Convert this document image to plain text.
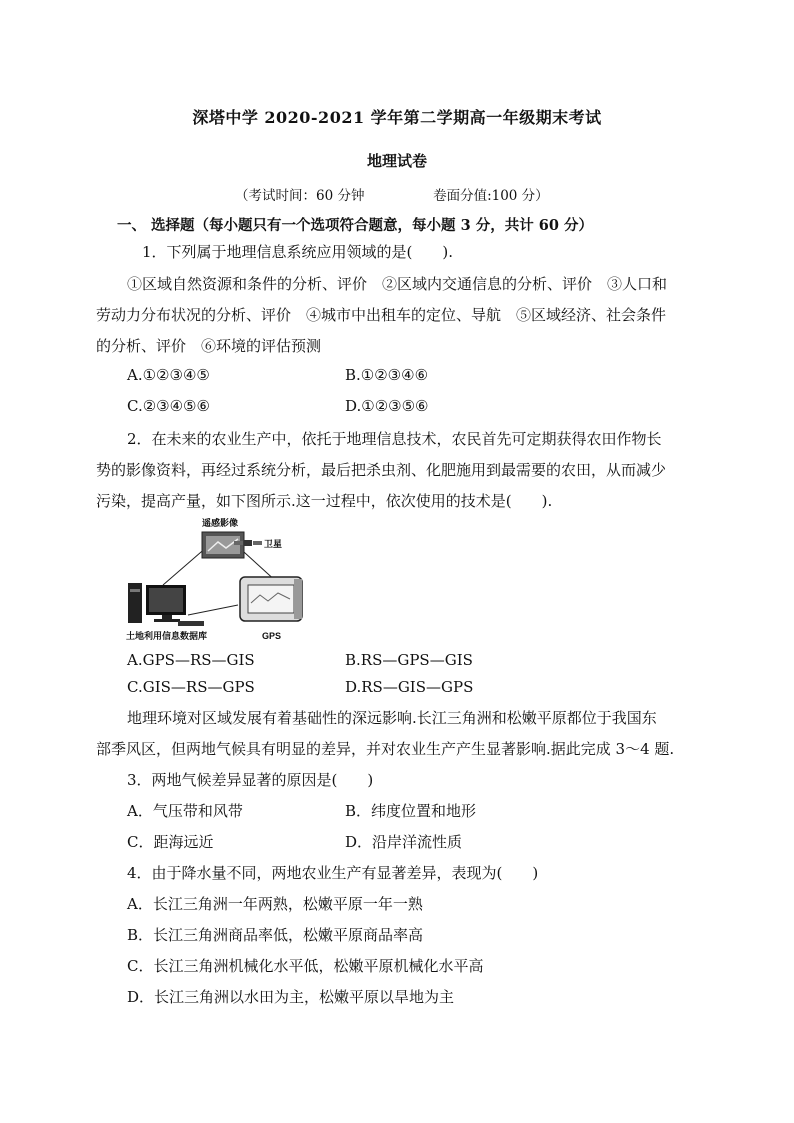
深塔中学 2020-2021 学年第二学期高一年级期末考试
地理试卷
（考试时间：60 分钟	卷面分值:100 分）
一、 选择题（每小题只有一个选项符合题意，每小题 3 分，共计 60 分）
1．下列属于地理信息系统应用领域的是(　　).
①区域自然资源和条件的分析、评价　②区域内交通信息的分析、评价　③人口和
劳动力分布状况的分析、评价　④城市中出租车的定位、导航　⑤区域经济、社会条件
的分析、评价　⑥环境的评估预测
A.①②③④⑤	B.①②③④⑥
C.②③④⑤⑥	D.①②③⑤⑥
2．在未来的农业生产中，依托于地理信息技术，农民首先可定期获得农田作物长
势的影像资料，再经过系统分析，最后把杀虫剂、化肥施用到最需要的农田，从而减少
污染，提高产量，如下图所示.这一过程中，依次使用的技术是(　　).
遥感影像
卫星
土地利用信息数据库	GPS
A.GPS—RS—GIS	B.RS—GPS—GIS
C.GIS—RS—GPS	D.RS—GIS—GPS
地理环境对区域发展有着基础性的深远影响.长江三角洲和松嫩平原都位于我国东
部季风区，但两地气候具有明显的差异，并对农业生产产生显著影响.据此完成 3～4 题.
3．两地气候差异显著的原因是(　　)
A．气压带和风带	B．纬度位置和地形
C．距海远近	D．沿岸洋流性质
4．由于降水量不同，两地农业生产有显著差异，表现为(　　)
A．长江三角洲一年两熟，松嫩平原一年一熟
B．长江三角洲商品率低，松嫩平原商品率高
C．长江三角洲机械化水平低，松嫩平原机械化水平高
D．长江三角洲以水田为主，松嫩平原以旱地为主
